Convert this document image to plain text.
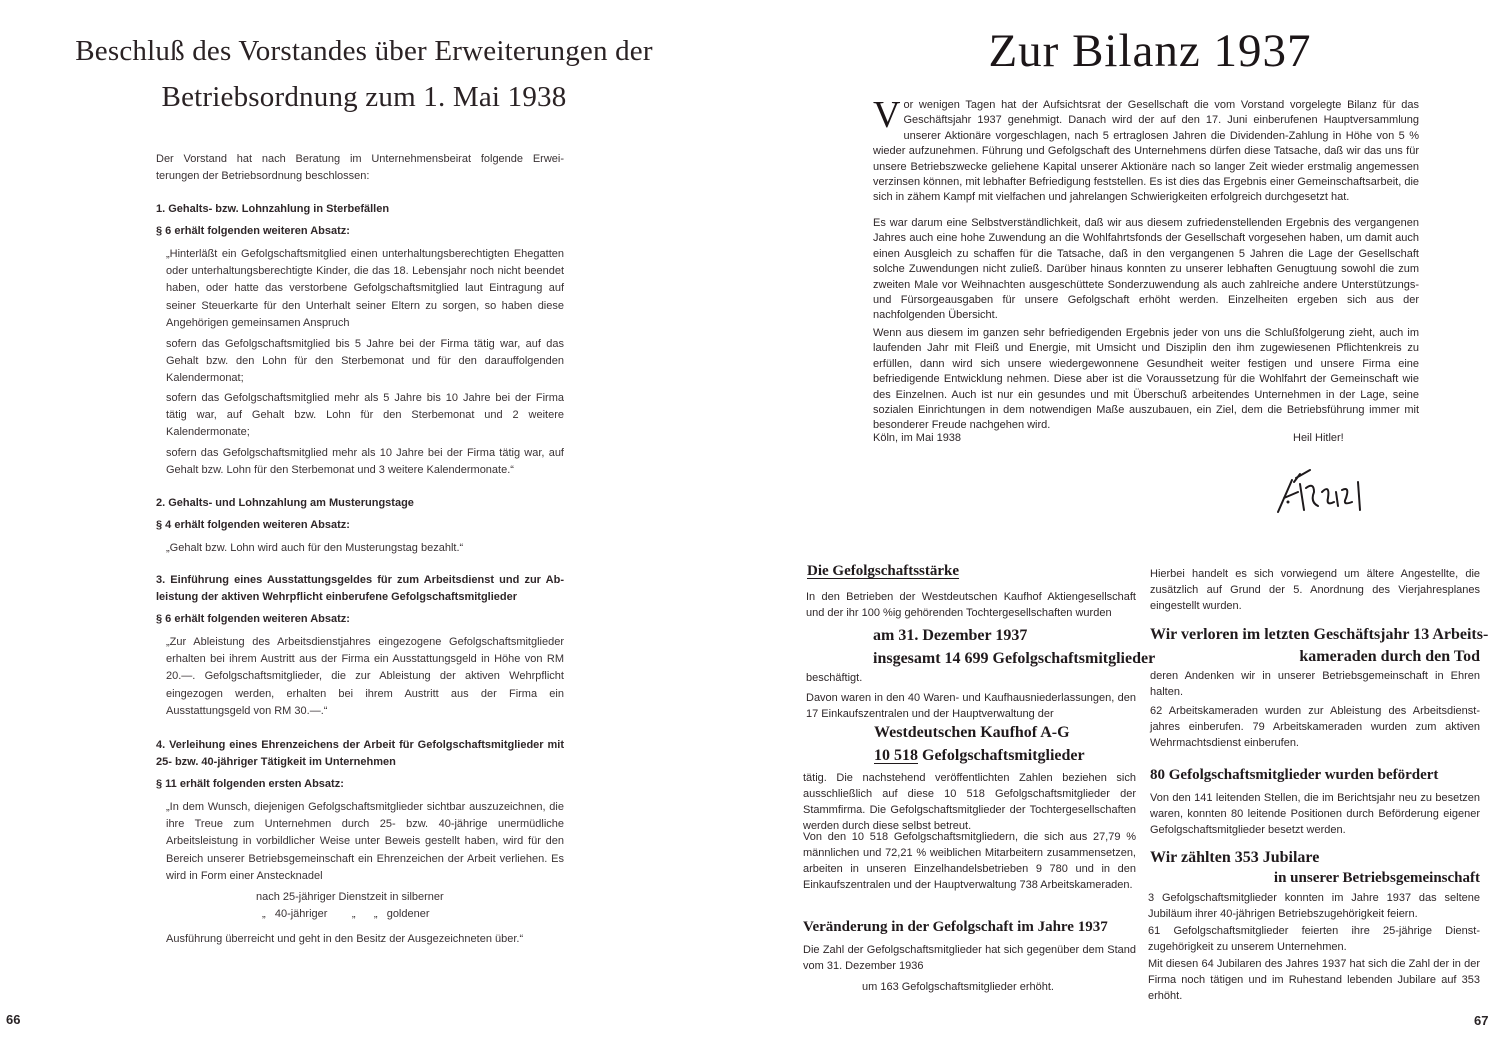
Beschluß des Vorstandes über Erweiterungen der
Betriebsordnung zum 1. Mai 1938
Der Vorstand hat nach Beratung im Unternehmensbeirat folgende Erwei-
terungen der Betriebsordnung beschlossen:
1. Gehalts- bzw. Lohnzahlung in Sterbefällen
§ 6 erhält folgenden weiteren Absatz:
„Hinterläßt ein Gefolgschaftsmitglied einen unterhaltungsberechtigten Ehegatten oder unterhaltungsberechtigte Kinder, die das 18. Lebensjahr noch nicht beendet haben, oder hatte das verstorbene Gefolgschaftsmitglied laut Eintragung auf seiner Steuerkarte für den Unterhalt seiner Eltern zu sorgen, so haben diese Angehörigen gemeinsamen Anspruch
sofern das Gefolgschaftsmitglied bis 5 Jahre bei der Firma tätig war, auf das Gehalt bzw. den Lohn für den Sterbemonat und für den darauffolgenden Kalendermonat;
sofern das Gefolgschaftsmitglied mehr als 5 Jahre bis 10 Jahre bei der Firma tätig war, auf Gehalt bzw. Lohn für den Sterbemonat und 2 weitere Kalendermonate;
sofern das Gefolgschaftsmitglied mehr als 10 Jahre bei der Firma tätig war, auf Gehalt bzw. Lohn für den Sterbemonat und 3 weitere Kalendermonate.“
2. Gehalts- und Lohnzahlung am Musterungstage
§ 4 erhält folgenden weiteren Absatz:
„Gehalt bzw. Lohn wird auch für den Musterungstag bezahlt.“
3. Einführung eines Ausstattungsgeldes für zum Arbeitsdienst und zur Ableistung der aktiven Wehrpflicht einberufene Gefolgschaftsmitglieder
§ 6 erhält folgenden weiteren Absatz:
„Zur Ableistung des Arbeitsdienstjahres eingezogene Gefolgschaftsmitglieder erhalten bei ihrem Austritt aus der Firma ein Ausstattungsgeld in Höhe von RM 20.—. Gefolgschaftsmitglieder, die zur Ableistung der aktiven Wehrpflicht eingezogen werden, erhalten bei ihrem Austritt aus der Firma ein Ausstattungsgeld von RM 30.—.“
4. Verleihung eines Ehrenzeichens der Arbeit für Gefolgschaftsmitglieder mit 25- bzw. 40-jähriger Tätigkeit im Unternehmen
§ 11 erhält folgenden ersten Absatz:
„In dem Wunsch, diejenigen Gefolgschaftsmitglieder sichtbar auszuzeichnen, die ihre Treue zum Unternehmen durch 25- bzw. 40-jährige unermüdliche Arbeitsleistung in vorbildlicher Weise unter Beweis gestellt haben, wird für den Bereich unserer Betriebsgemeinschaft ein Ehrenzeichen der Arbeit verliehen. Es wird in Form einer Anstecknadel
nach 25-jähriger Dienstzeit in silberner
„   40-jähriger        „      „   goldener
Ausführung überreicht und geht in den Besitz der Ausgezeichneten über.“
66
Zur Bilanz 1937
Vor wenigen Tagen hat der Aufsichtsrat der Gesellschaft die vom Vorstand vorgelegte Bilanz für das Geschäftsjahr 1937 genehmigt. Danach wird der auf den 17. Juni einberufenen Hauptversammlung unserer Aktionäre vorgeschlagen, nach 5 ertraglosen Jahren die Dividenden-Zahlung in Höhe von 5 % wieder aufzunehmen. Führung und Gefolgschaft des Unternehmens dürfen diese Tatsache, daß wir das uns für unsere Betriebszwecke geliehene Kapital unserer Aktionäre nach so langer Zeit wieder erstmalig angemessen verzinsen können, mit lebhafter Befriedigung feststellen. Es ist dies das Ergebnis einer Gemeinschaftsarbeit, die sich in zähem Kampf mit vielfachen und jahrelangen Schwierigkeiten erfolgreich durchgesetzt hat.
Es war darum eine Selbstverständlichkeit, daß wir aus diesem zufriedenstellenden Ergebnis des vergangenen Jahres auch eine hohe Zuwendung an die Wohlfahrtsfonds der Gesellschaft vorgesehen haben, um damit auch einen Ausgleich zu schaffen für die Tatsache, daß in den vergangenen 5 Jahren die Lage der Gesellschaft solche Zuwendungen nicht zuließ. Darüber hinaus konnten zu unserer lebhaften Genugtuung sowohl die zum zweiten Male vor Weihnachten ausgeschüttete Sonderzuwendung als auch zahlreiche andere Unterstützungs- und Fürsorgeausgaben für unsere Gefolgschaft erhöht werden. Einzelheiten ergeben sich aus der nachfolgenden Übersicht.
Wenn aus diesem im ganzen sehr befriedigenden Ergebnis jeder von uns die Schlußfolgerung zieht, auch im laufenden Jahr mit Fleiß und Energie, mit Umsicht und Disziplin den ihm zugewiesenen Pflichtenkreis zu erfüllen, dann wird sich unsere wiedergewonnene Gesundheit weiter festigen und unsere Firma eine befriedigende Entwicklung nehmen. Diese aber ist die Voraussetzung für die Wohlfahrt der Gemeinschaft wie des Einzelnen. Auch ist nur ein gesundes und mit Überschuß arbeitendes Unternehmen in der Lage, seine sozialen Einrichtungen in dem notwendigen Maße auszubauen, ein Ziel, dem die Betriebsführung immer mit besonderer Freude nachgehen wird.
Köln, im Mai 1938	Heil Hitler!
Die Gefolgschaftsstärke
In den Betrieben der Westdeutschen Kaufhof Aktiengesellschaft und der ihr 100 %ig gehörenden Tochtergesellschaften wurden
am 31. Dezember 1937
insgesamt 14 699 Gefolgschaftsmitglieder
beschäftigt.
Davon waren in den 40 Waren- und Kaufhausniederlassungen, den 17 Einkaufszentralen und der Hauptverwaltung der
Westdeutschen Kaufhof A-G
10 518 Gefolgschaftsmitglieder
tätig. Die nachstehend veröffentlichten Zahlen beziehen sich ausschließlich auf diese 10 518 Gefolgschaftsmitglieder der Stammfirma. Die Gefolgschaftsmitglieder der Tochtergesellschaften werden durch diese selbst betreut.
Von den 10 518 Gefolgschaftsmitgliedern, die sich aus 27,79 % männlichen und 72,21 % weiblichen Mitarbeitern zusammensetzen, arbeiten in unseren Einzelhandelsbetrieben 9 780 und in den Einkaufszentralen und der Hauptverwaltung 738 Arbeitskameraden.
Veränderung in der Gefolgschaft im Jahre 1937
Die Zahl der Gefolgschaftsmitglieder hat sich gegenüber dem Stand vom 31. Dezember 1936
um 163 Gefolgschaftsmitglieder erhöht.
Hierbei handelt es sich vorwiegend um ältere Angestellte, die zusätzlich auf Grund der 5. Anordnung des Vierjahresplanes eingestellt wurden.
Wir verloren im letzten Geschäftsjahr 13 Arbeits-
kameraden durch den Tod
deren Andenken wir in unserer Betriebsgemeinschaft in Ehren halten.
62 Arbeitskameraden wurden zur Ableistung des Arbeitsdienstjahres einberufen. 79 Arbeitskameraden wurden zum aktiven Wehrmachtsdienst einberufen.
80 Gefolgschaftsmitglieder wurden befördert
Von den 141 leitenden Stellen, die im Berichtsjahr neu zu besetzen waren, konnten 80 leitende Positionen durch Beförderung eigener Gefolgschaftsmitglieder besetzt werden.
Wir zählten 353 Jubilare
in unserer Betriebsgemeinschaft
3 Gefolgschaftsmitglieder konnten im Jahre 1937 das seltene Jubiläum ihrer 40-jährigen Betriebszugehörigkeit feiern.
61 Gefolgschaftsmitglieder feierten ihre 25-jährige Dienstzugehörigkeit zu unserem Unternehmen.
Mit diesen 64 Jubilaren des Jahres 1937 hat sich die Zahl der in der Firma noch tätigen und im Ruhestand lebenden Jubilare auf 353 erhöht.
67
